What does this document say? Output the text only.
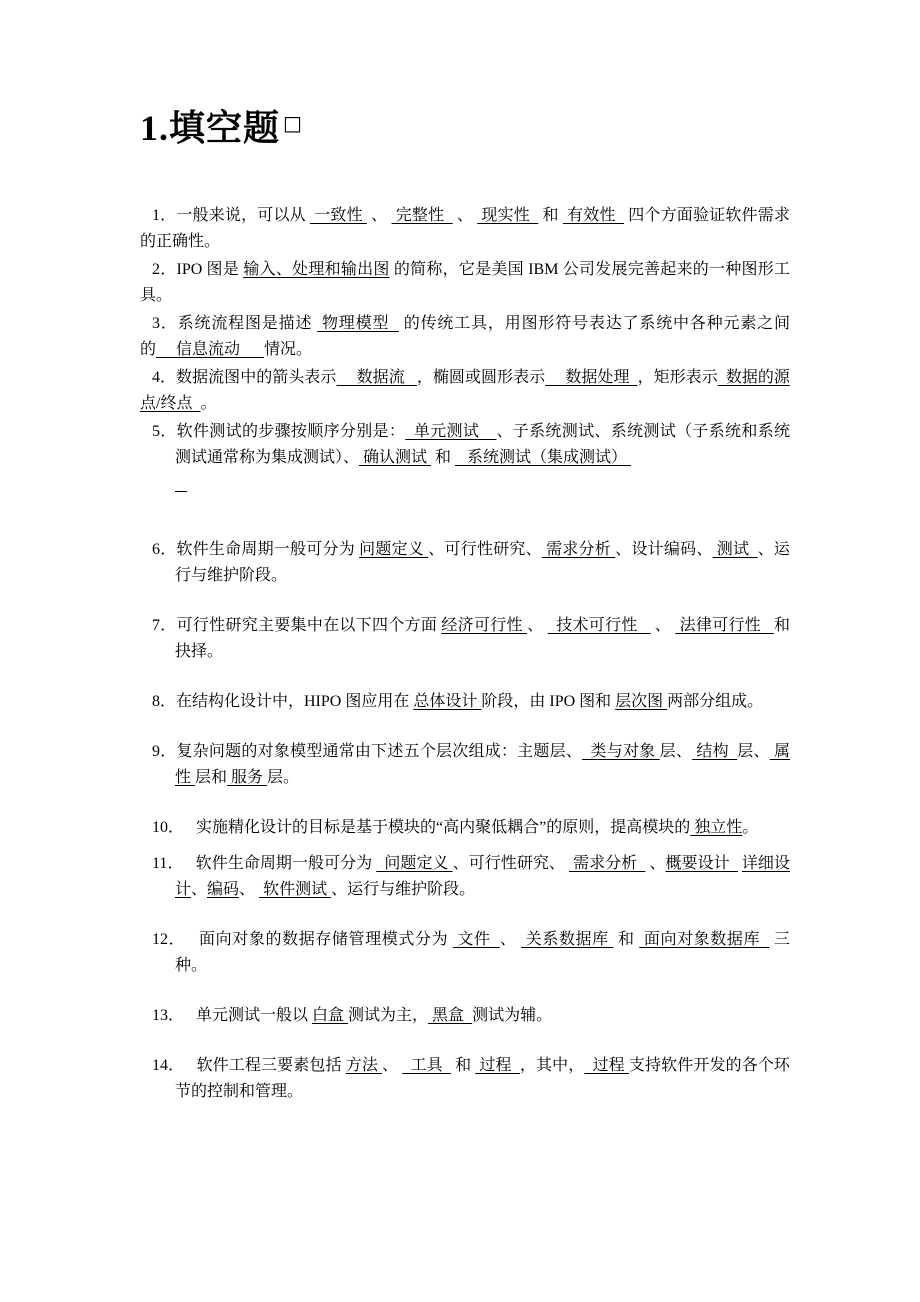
1.填空题 □

1．一般来说，可以从  一致性  、  完整性   、  现实性   和  有效性   四个方面验证软件需求的正确性。

2．IPO 图是 输入、处理和输出图 的简称，它是美国 IBM 公司发展完善起来的一种图形工具。

3．系统流程图是描述  物理模型   的传统工具，用图形符号表达了系统中各种元素之间的     信息流动      情况。

4．数据流图中的箭头表示     数据流   ，椭圆或圆形表示     数据处理  ，矩形表示  数据的源点/终点  。

5．软件测试的步骤按顺序分别是：  单元测试    、子系统测试、系统测试（子系统和系统测试通常称为集成测试）、 确认测试  和    系统测试（集成测试）

6．软件生命周期一般可分为 问题定义 、可行性研究、 需求分析 、设计编码、 测试  、运行与维护阶段。

7．可行性研究主要集中在以下四个方面 经济可行性 、   技术可行性    、  法律可行性   和抉择。

8．在结构化设计中，HIPO 图应用在 总体设计 阶段，由 IPO 图和 层次图 两部分组成。

9．复杂问题的对象模型通常由下述五个层次组成：主题层、  类与对象 层、 结构  层、 属性 层和 服务 层。

10．   实施精化设计的目标是基于模块的“高内聚低耦合”的原则，提高模块的 独立性。

11．   软件生命周期一般可分为   问题定义 、可行性研究、  需求分析   、概要设计   详细设计、编码、  软件测试 、运行与维护阶段。

12．   面向对象的数据存储管理模式分为  文件  、  关系数据库  和  面向对象数据库   三种。

13．   单元测试一般以 白盒 测试为主， 黑盒  测试为辅。

14．   软件工程三要素包括 方法 、   工具   和  过程  ，其中，  过程 支持软件开发的各个环节的控制和管理。
